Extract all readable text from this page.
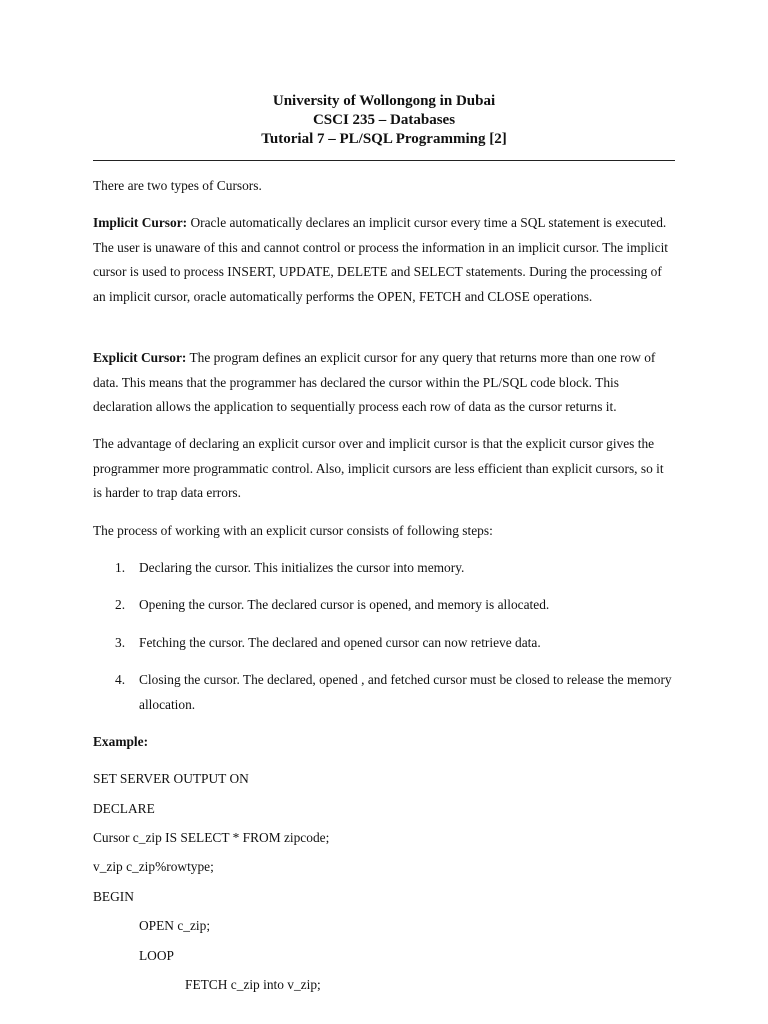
University of Wollongong in Dubai
CSCI 235 – Databases
Tutorial 7 – PL/SQL Programming [2]
There are two types of Cursors.
Implicit Cursor: Oracle automatically declares an implicit cursor every time a SQL statement is executed. The user is unaware of this and cannot control or process the information in an implicit cursor. The implicit cursor is used to process INSERT, UPDATE, DELETE and SELECT statements. During the processing of an implicit cursor, oracle automatically performs the OPEN, FETCH and CLOSE operations.
Explicit Cursor: The program defines an explicit cursor for any query that returns more than one row of data. This means that the programmer has declared the cursor within the PL/SQL code block. This declaration allows the application to sequentially process each row of data as the cursor returns it.
The advantage of declaring an explicit cursor over and implicit cursor is that the explicit cursor gives the programmer more programmatic control. Also, implicit cursors are less efficient than explicit cursors, so it is harder to trap data errors.
The process of working with an explicit cursor consists of following steps:
1. Declaring the cursor. This initializes the cursor into memory.
2. Opening the cursor. The declared cursor is opened, and memory is allocated.
3. Fetching the cursor. The declared and opened cursor can now retrieve data.
4. Closing the cursor. The declared, opened , and fetched cursor must be closed to release the memory allocation.
Example:
SET SERVER OUTPUT ON
DECLARE
Cursor c_zip IS SELECT * FROM zipcode;
v_zip c_zip%rowtype;
BEGIN
OPEN c_zip;
LOOP
FETCH c_zip into v_zip;
